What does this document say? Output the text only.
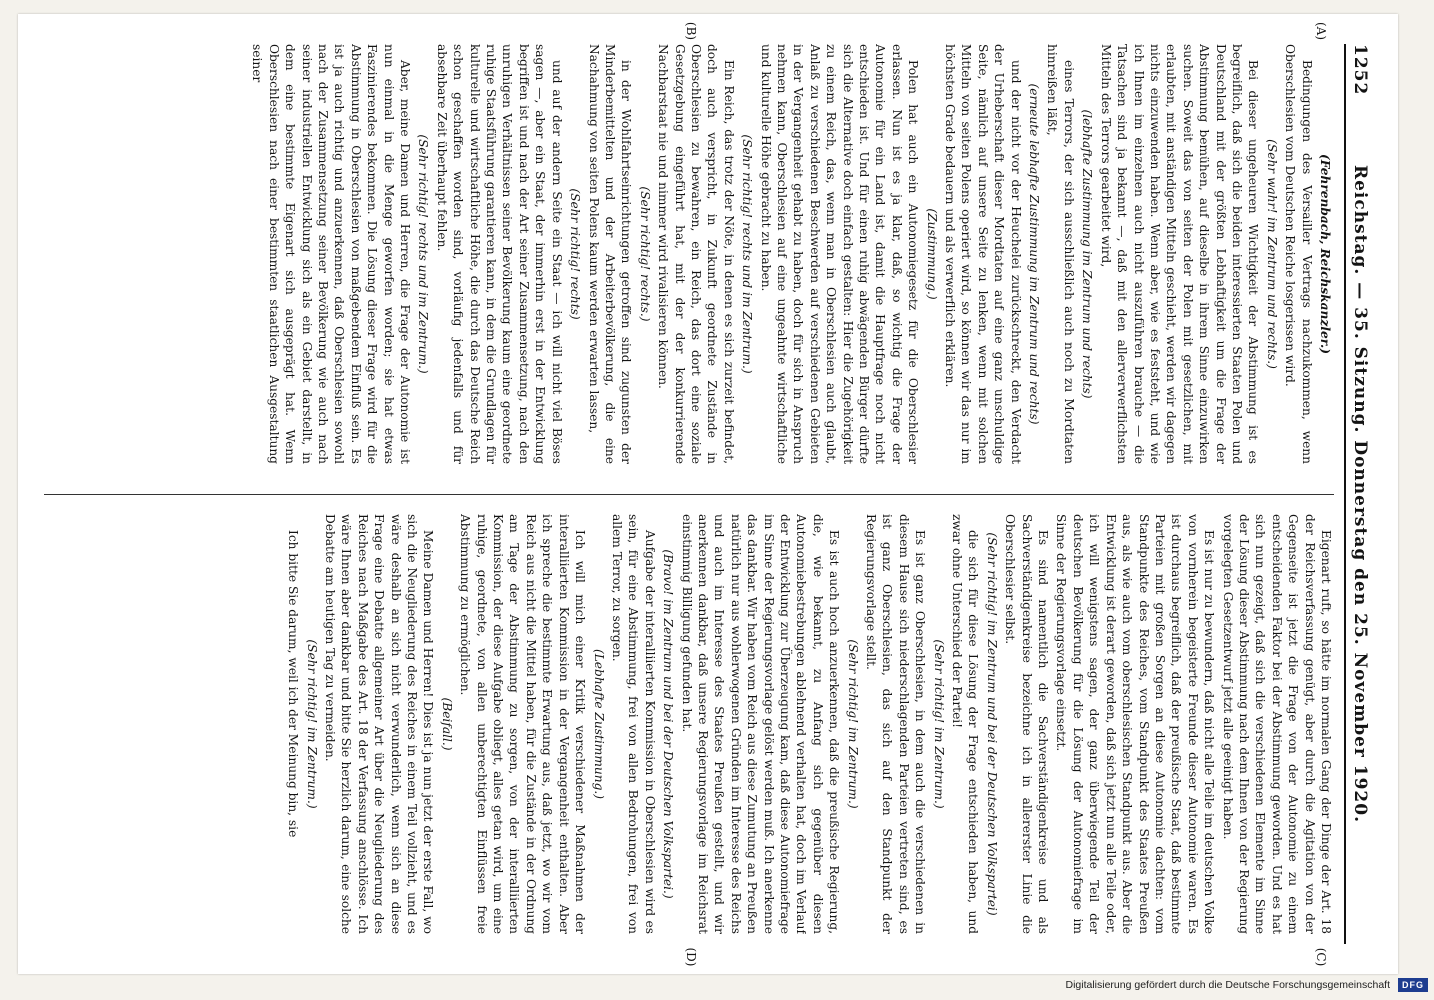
1252
Reichstag. — 35. Sitzung. Donnerstag den 25. November 1920.
(A)
(B)
(C)
(D)

(Fehrenbach, Reichskanzler.)

Bedingungen des Versailler Vertrags nachzukommen, wenn Oberschlesien vom Deutschen Reiche losgerissen wird.

(Sehr wahr! im Zentrum und rechts.)

Bei dieser ungeheuren Wichtigkeit der Abstimmung ist es begreiflich, daß sich die beiden interessierten Staaten Polen und Deutschland mit der größten Lebhaftigkeit um die Frage der Abstimmung bemühen, auf dieselbe in ihrem Sinne einzuwirken suchen. Soweit das von seiten der Polen mit gesetzlichen, mit erlaubten, mit anständigen Mitteln geschieht, werden wir dagegen nichts einzuwenden haben. Wenn aber, wie es feststeht, und wie ich Ihnen im einzelnen auch nicht auszuführen brauche — die Tatsachen sind ja bekannt —, daß mit den allerverwerflichsten Mitteln des Terrors gearbeitet wird,

(lebhafte Zustimmung im Zentrum und rechts)

eines Terrors, der sich ausschließlich auch noch zu Mordtaten hinreißen läßt,

(erneute lebhafte Zustimmung im Zentrum und rechts)

und der nicht vor der Heuchelei zurückschreckt, den Verdacht der Urheberschaft dieser Mordtaten auf eine ganz unschuldige Seite, nämlich auf unsere Seite zu lenken, wenn mit solchen Mitteln von seiten Polens operiert wird, so können wir das nur im höchsten Grade bedauern und als verwerflich erklären.

(Zustimmung.)

Polen hat auch ein Autonomiegesetz für die Oberschlesier erlassen. Nun ist es ja klar, daß, so wichtig die Frage der Autonomie für ein Land ist, damit die Hauptfrage noch nicht entschieden ist. Und für einen ruhig abwägenden Bürger dürfte sich die Alternative doch einfach gestalten: Hier die Zugehörigkeit zu einem Reich, das, wenn man in Oberschlesien auch glaubt, Anlaß zu verschiedenen Beschwerden auf verschiedenen Gebieten in der Vergangenheit gehabt zu haben, doch für sich in Anspruch nehmen kann, Oberschlesien auf eine ungeahnte wirtschaftliche und kulturelle Höhe gebracht zu haben.

(Sehr richtig! rechts und im Zentrum.)

Ein Reich, das trotz der Nöte, in denen es sich zurzeit befindet, doch auch verspricht, in Zukunft geordnete Zustände in Oberschlesien zu bewahren, ein Reich, das dort eine soziale Gesetzgebung eingeführt hat, mit der der konkurrierende Nachbarstaat nie und nimmer wird rivalisieren können.

(Sehr richtig! rechts.)

in der Wohlfahrtseinrichtungen getroffen sind zugunsten der Minderbemittelten und der Arbeiterbevölkerung, die eine Nachahmung von seiten Polens kaum werden erwarten lassen,

(Sehr richtig! rechts)

und auf der andern Seite ein Staat — ich will nicht viel Böses sagen —, aber ein Staat, der immerhin erst in der Entwicklung begriffen ist und nach der Art seiner Zusammensetzung, nach den unruhigen Verhältnissen seiner Bevölkerung kaum eine geordnete ruhige Staatsführung garantieren kann, in dem die Grundlagen für kulturelle und wirtschaftliche Höhe, die durch das Deutsche Reich schon geschaffen worden sind, vorläufig jedenfalls und für absehbare Zeit überhaupt fehlen.

(Sehr richtig! rechts und im Zentrum.)

Aber, meine Damen und Herren, die Frage der Autonomie ist nun einmal in die Menge geworfen worden; sie hat etwas Faszinierendes bekommen. Die Lösung dieser Frage wird für die Abstimmung in Oberschlesien von maßgebendem Einfluß sein. Es ist ja auch richtig und anzuerkennen, daß Oberschlesien sowohl nach der Zusammensetzung seiner Bevölkerung wie auch nach seiner industriellen Entwicklung sich als ein Gebiet darstellt, in dem eine bestimmte Eigenart sich ausgeprägt hat. Wenn Oberschlesien nach einer bestimmten staatlichen Ausgestaltung seiner

Eigenart ruft, so hätte im normalen Gang der Dinge der Art. 18 der Reichsverfassung genügt, aber durch die Agitation von der Gegenseite ist jetzt die Frage von der Autonomie zu einem entscheidenden Faktor bei der Abstimmung geworden. Und es hat sich nun gezeigt, daß sich die verschiedenen Elemente im Sinne der Lösung dieser Abstimmung nach dem Ihnen von der Regierung vorgelegten Gesetzentwurf jetzt alle geeinigt haben.

Es ist nur zu bewundern, daß nicht alle Teile im deutschen Volke von vornherein begeisterte Freunde dieser Autonomie waren. Es ist durchaus begreiflich, daß der preußische Staat, daß bestimmte Parteien mit großen Sorgen an diese Autonomie dachten: vom Standpunkte des Reiches, vom Standpunkt des Staates Preußen aus, als wie auch vom oberschlesischen Standpunkt aus. Aber die Entwicklung ist derart geworden, daß sich jetzt nun alle Teile oder, ich will wenigstens sagen, der ganz überwiegende Teil der deutschen Bevölkerung für die Lösung der Autonomiefrage im Sinne der Regierungsvorlage einsetzt.

Es sind namentlich die Sachverständigenkreise und als Sachverständigenkreise bezeichne ich in allererster Linie die Oberschlesier selbst.

(Sehr richtig! im Zentrum und bei der Deutschen Volkspartei)

die sich für diese Lösung der Frage entschieden haben, und zwar ohne Unterschied der Partei!

(Sehr richtig! im Zentrum.)

Es ist ganz Oberschlesien, in dem auch die verschiedenen in diesem Hause sich niederschlagenden Parteien vertreten sind, es ist ganz Oberschlesien, das sich auf den Standpunkt der Regierungsvorlage stellt.

(Sehr richtig! im Zentrum.)

Es ist auch hoch anzuerkennen, daß die preußische Regierung, die, wie bekannt, zu Anfang sich gegenüber diesen Autonomiebestrebungen ablehnend verhalten hat, doch im Verlauf der Entwicklung zur Überzeugung kam, daß diese Autonomiefrage im Sinne der Regierungsvorlage gelöst werden muß. Ich anerkenne das dankbar. Wir haben vom Reich aus diese Zumutung an Preußen natürlich nur aus wohlerwogenen Gründen im Interesse des Reichs und auch im Interesse des Staates Preußen gestellt, und wir anerkennen dankbar, daß unsere Regierungsvorlage im Reichsrat einstimmig Billigung gefunden hat.

(Bravo! im Zentrum und bei der Deutschen Volkspartei.)

Aufgabe der interalliierten Kommission in Oberschlesien wird es sein, für eine Abstimmung, frei von allen Bedrohungen, frei von allem Terror, zu sorgen.

(Lebhafte Zustimmung.)

Ich will mich einer Kritik verschiedener Maßnahmen der interalliierten Kommission in der Vergangenheit enthalten. Aber ich spreche die bestimmte Erwartung aus, daß jetzt, wo wir vom Reich aus nicht die Mittel haben, für die Zustände in der Ordnung am Tage der Abstimmung zu sorgen, von der interalliierten Kommission, der diese Aufgabe obliegt, alles getan wird, um eine ruhige, geordnete, von allen unberechtigten Einflüssen freie Abstimmung zu ermöglichen.

(Beifall.)

Meine Damen und Herren! Dies ist ja nun jetzt der erste Fall, wo sich die Neugliederung des Reiches in einem Teil vollzieht, und es wäre deshalb an sich nicht verwunderlich, wenn sich an diese Frage eine Debatte allgemeiner Art über die Neugliederung des Reiches nach Maßgabe des Art. 18 der Verfassung anschlösse. Ich wäre Ihnen aber dankbar und bitte Sie herzlich darum, eine solche Debatte am heutigen Tag zu vermeiden.

(Sehr richtig! im Zentrum.)

Ich bitte Sie darum, weil ich der Meinung bin, sie

Digitalisierung gefördert durch die Deutsche Forschungsgemeinschaft	DFG
